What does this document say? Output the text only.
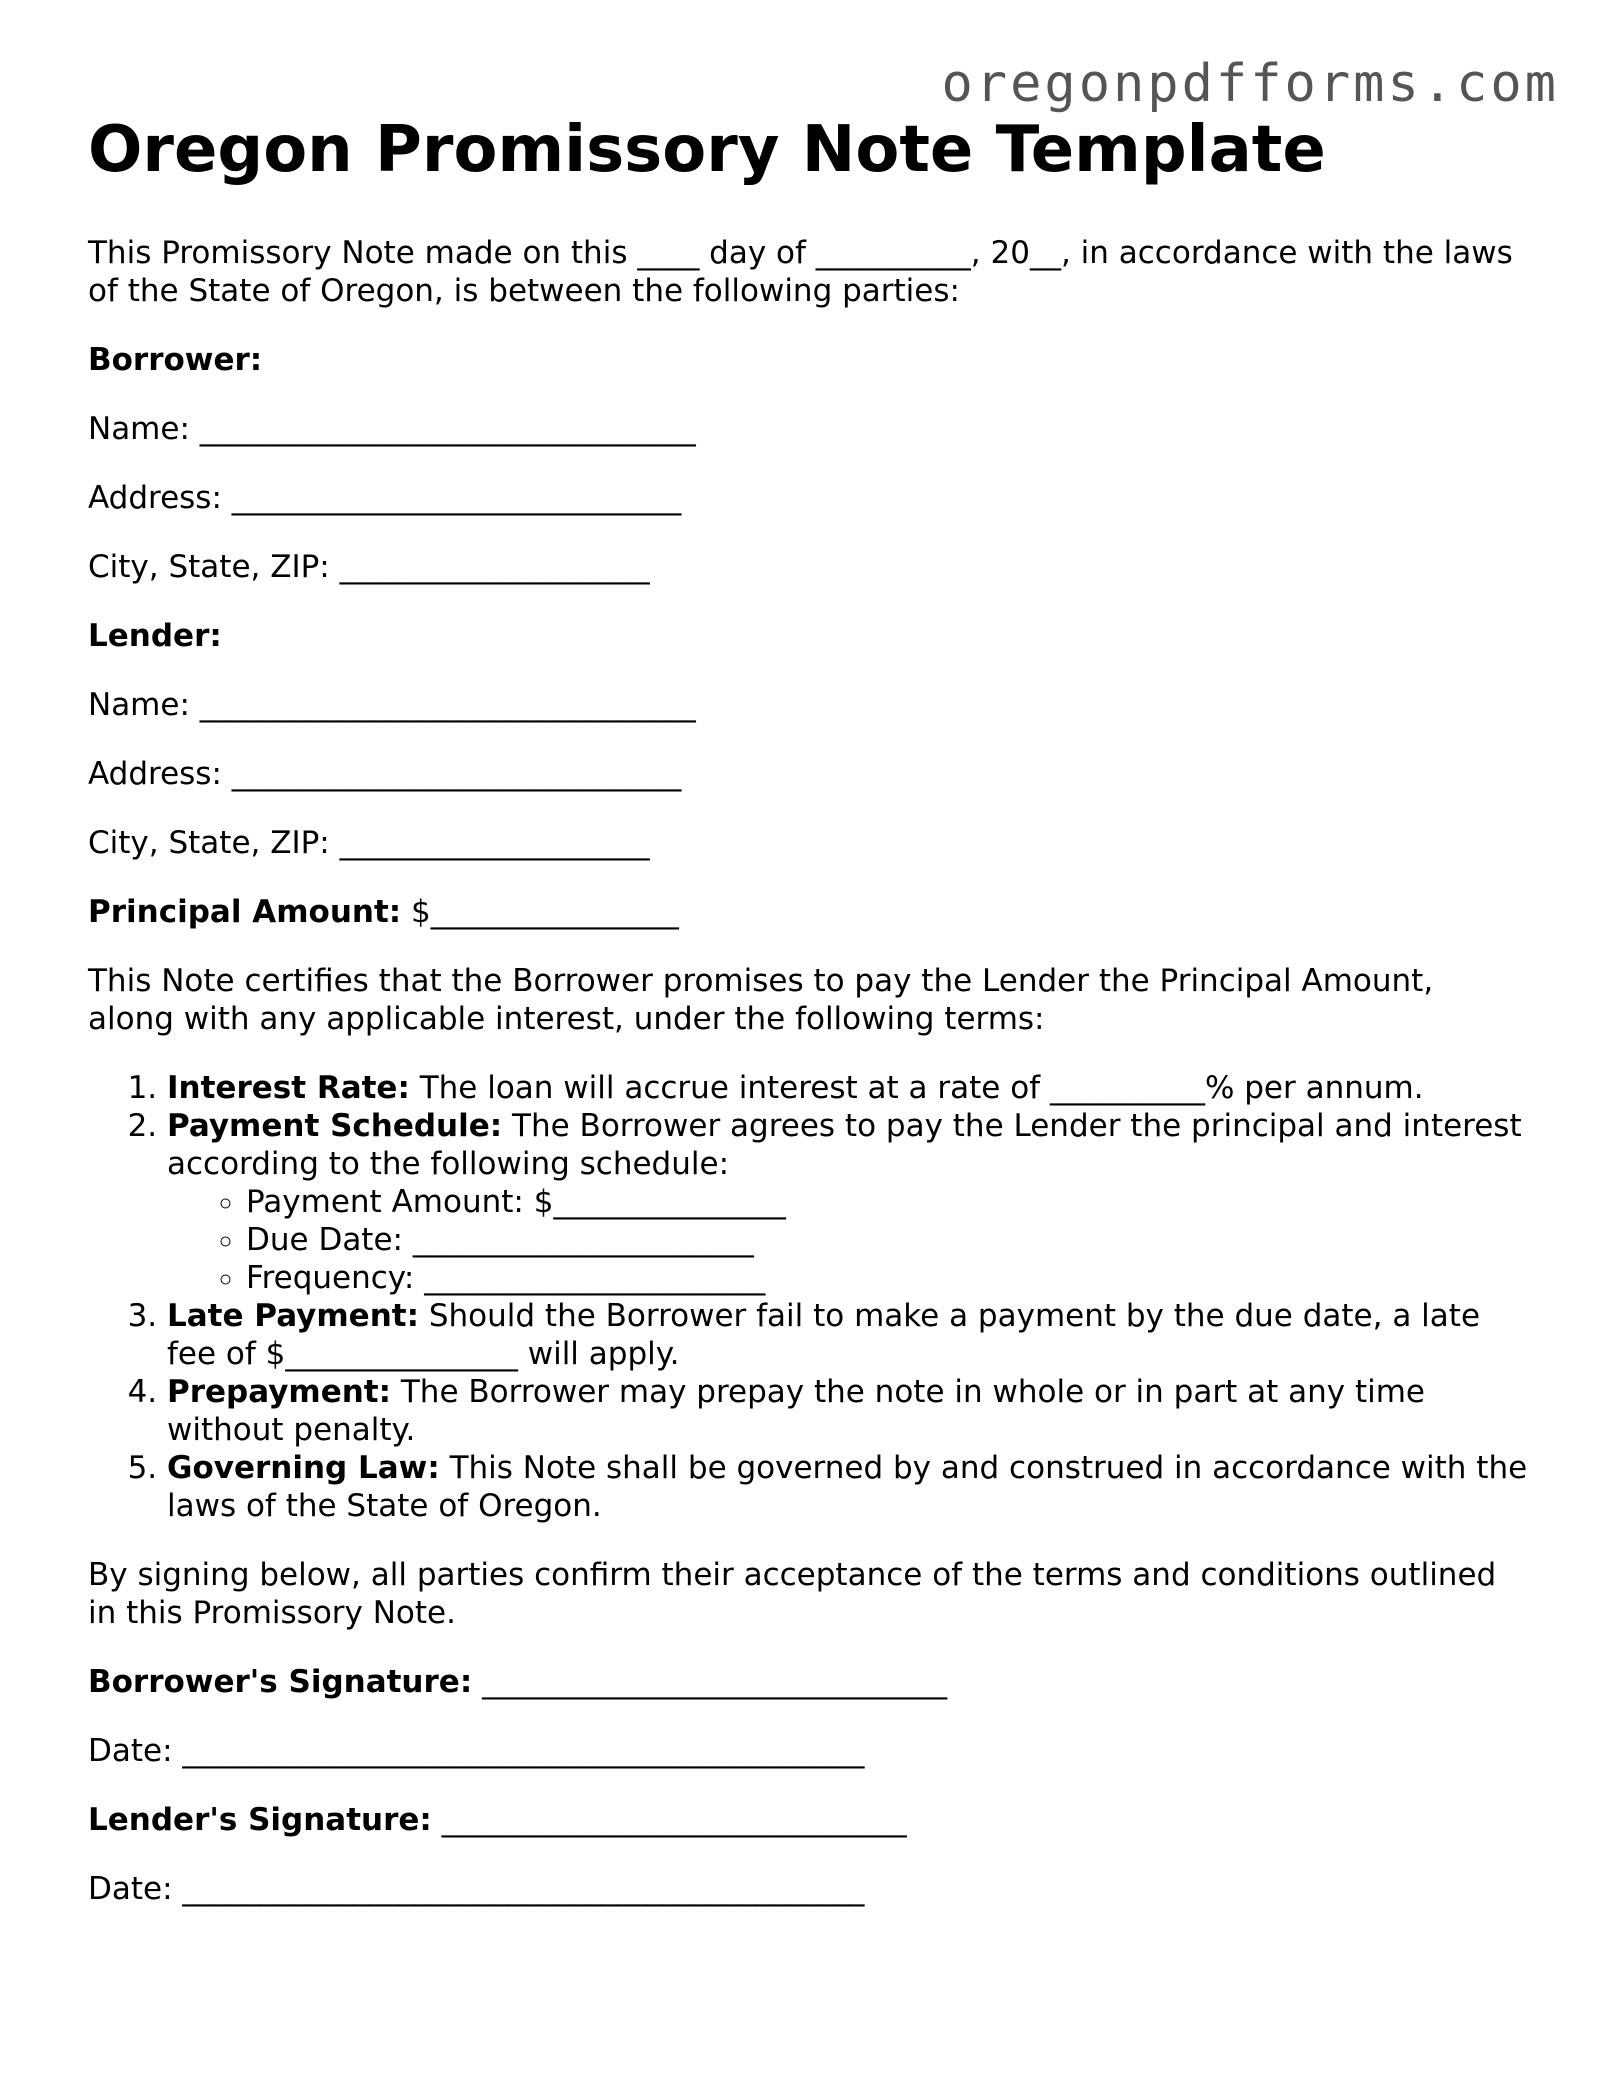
oregonpdfforms.com
Oregon Promissory Note Template

This Promissory Note made on this ____ day of __________, 20__, in accordance with the laws of the State of Oregon, is between the following parties:

Borrower:

Name: ________________________________

Address: _____________________________

City, State, ZIP: ____________________

Lender:

Name: ________________________________

Address: _____________________________

City, State, ZIP: ____________________

Principal Amount: $________________

This Note certifies that the Borrower promises to pay the Lender the Principal Amount, along with any applicable interest, under the following terms:

1. Interest Rate: The loan will accrue interest at a rate of __________% per annum.
2. Payment Schedule: The Borrower agrees to pay the Lender the principal and interest according to the following schedule:
◦ Payment Amount: $_______________
◦ Due Date: ______________________
◦ Frequency: ______________________
3. Late Payment: Should the Borrower fail to make a payment by the due date, a late fee of $_______________ will apply.
4. Prepayment: The Borrower may prepay the note in whole or in part at any time without penalty.
5. Governing Law: This Note shall be governed by and construed in accordance with the laws of the State of Oregon.

By signing below, all parties confirm their acceptance of the terms and conditions outlined in this Promissory Note.

Borrower's Signature: ______________________________

Date: ____________________________________________

Lender's Signature: ______________________________

Date: ____________________________________________
